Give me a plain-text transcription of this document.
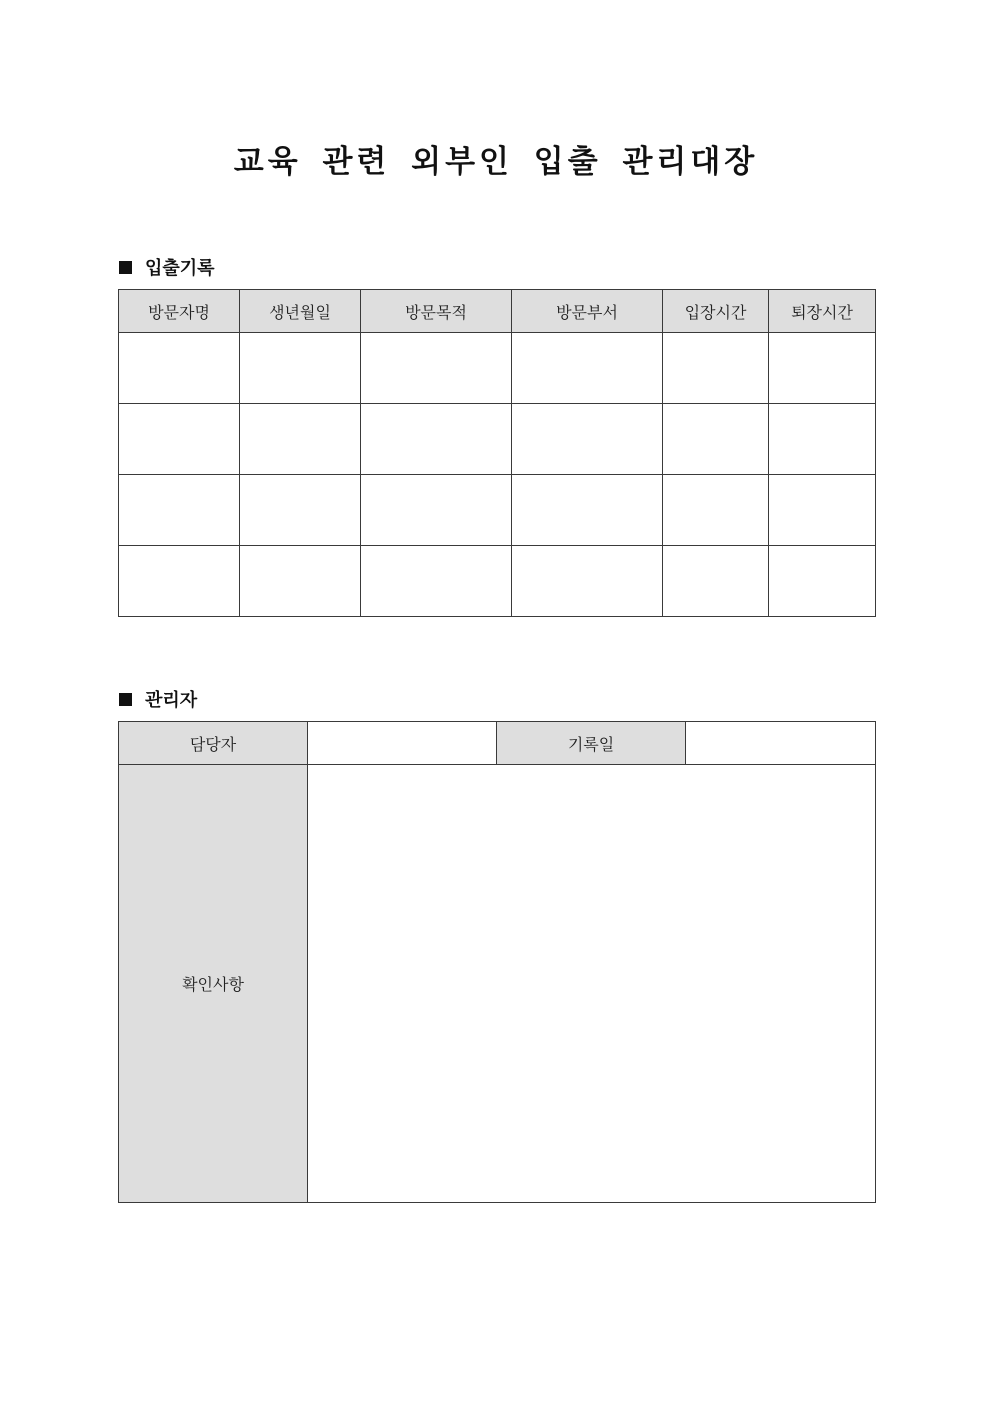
교육 관련 외부인 입출 관리대장
입출기록
방문자명	생년월일	방문목적	방문부서	입장시간	퇴장시간

관리자
담당자		기록일	
확인사항			
